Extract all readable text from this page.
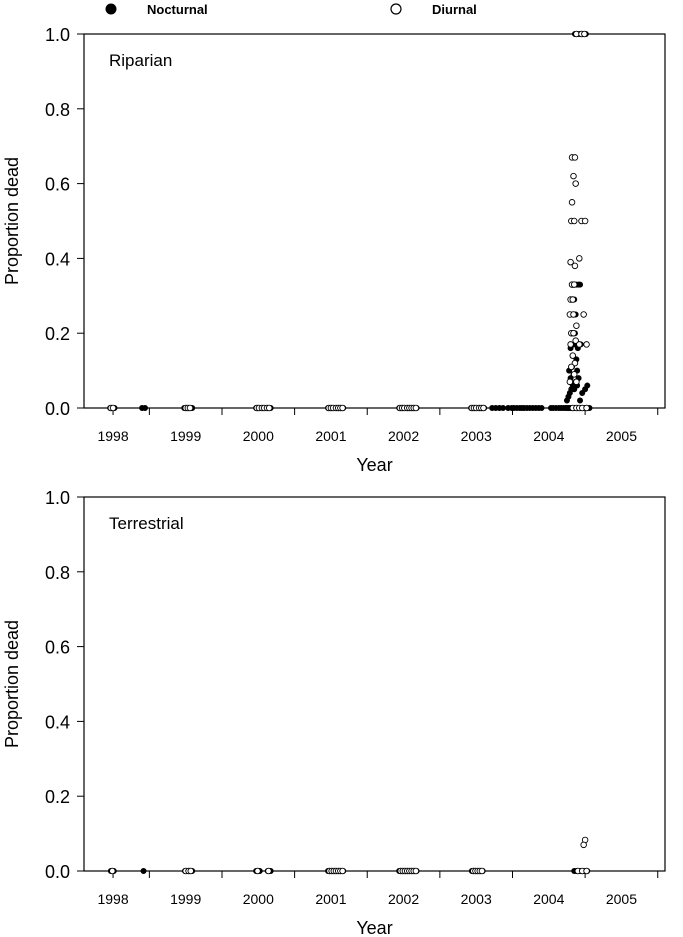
Nocturnal	Diurnal
Riparian
0.0
0.2
0.4
0.6
0.8
1.0
1998	1999	2000	2001	2002	2003	2004	2005
Year
Proportion dead
Terrestrial
0.0
0.2
0.4
0.6
0.8
1.0
1998	1999	2000	2001	2002	2003	2004	2005
Year
Proportion dead
